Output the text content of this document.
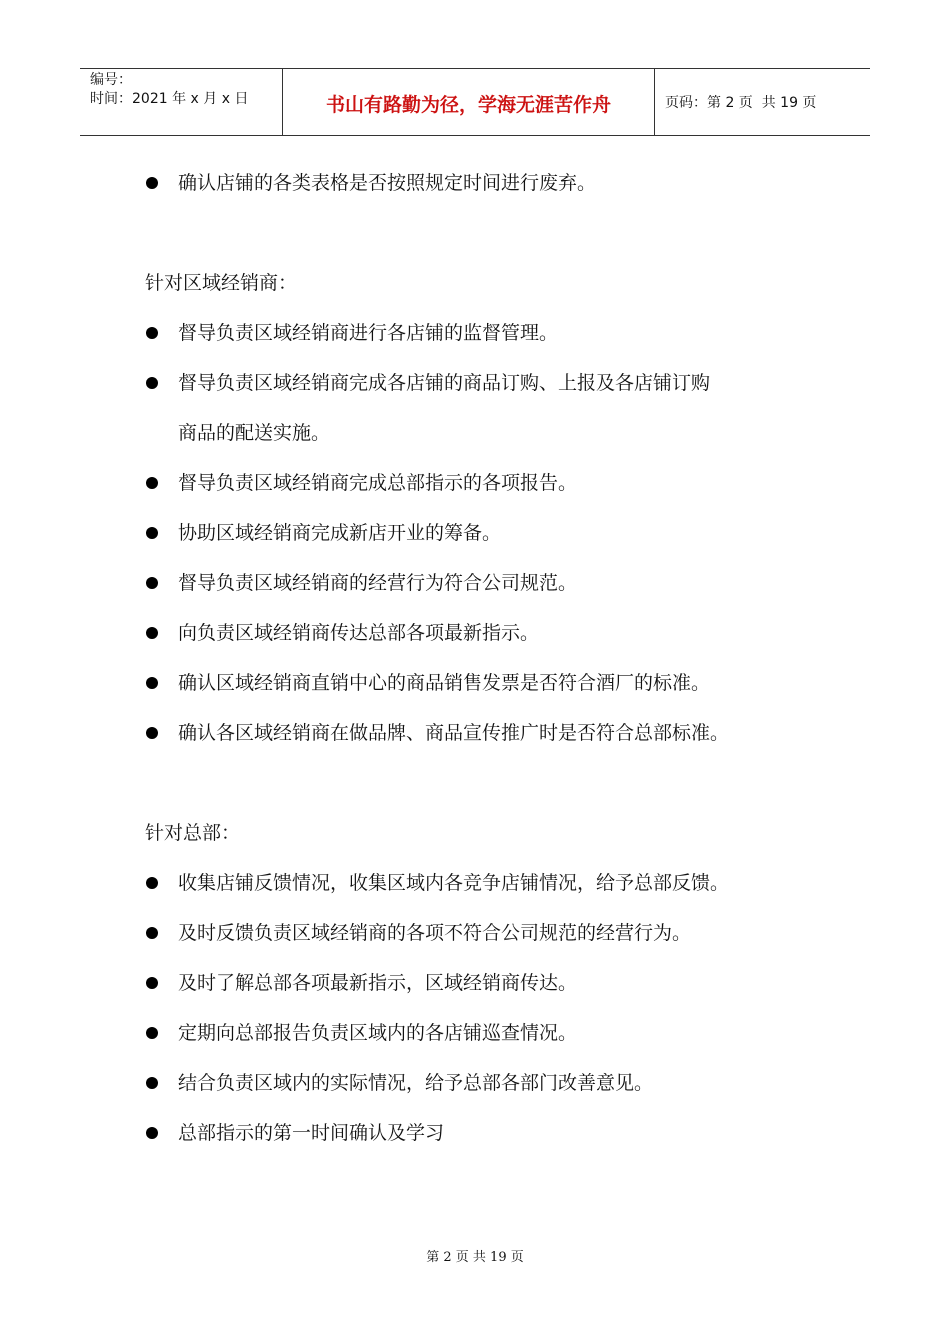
编号：
时间：2021 年 x 月 x 日	书山有路勤为径，学海无涯苦作舟	页码：第 2 页  共 19 页
确认店铺的各类表格是否按照规定时间进行废弃。
针对区域经销商：
督导负责区域经销商进行各店铺的监督管理。
督导负责区域经销商完成各店铺的商品订购、上报及各店铺订购
商品的配送实施。
督导负责区域经销商完成总部指示的各项报告。
协助区域经销商完成新店开业的筹备。
督导负责区域经销商的经营行为符合公司规范。
向负责区域经销商传达总部各项最新指示。
确认区域经销商直销中心的商品销售发票是否符合酒厂的标准。
确认各区域经销商在做品牌、商品宣传推广时是否符合总部标准。
针对总部：
收集店铺反馈情况，收集区域内各竞争店铺情况，给予总部反馈。
及时反馈负责区域经销商的各项不符合公司规范的经营行为。
及时了解总部各项最新指示，区域经销商传达。
定期向总部报告负责区域内的各店铺巡查情况。
结合负责区域内的实际情况，给予总部各部门改善意见。
总部指示的第一时间确认及学习
第 2 页 共 19 页
